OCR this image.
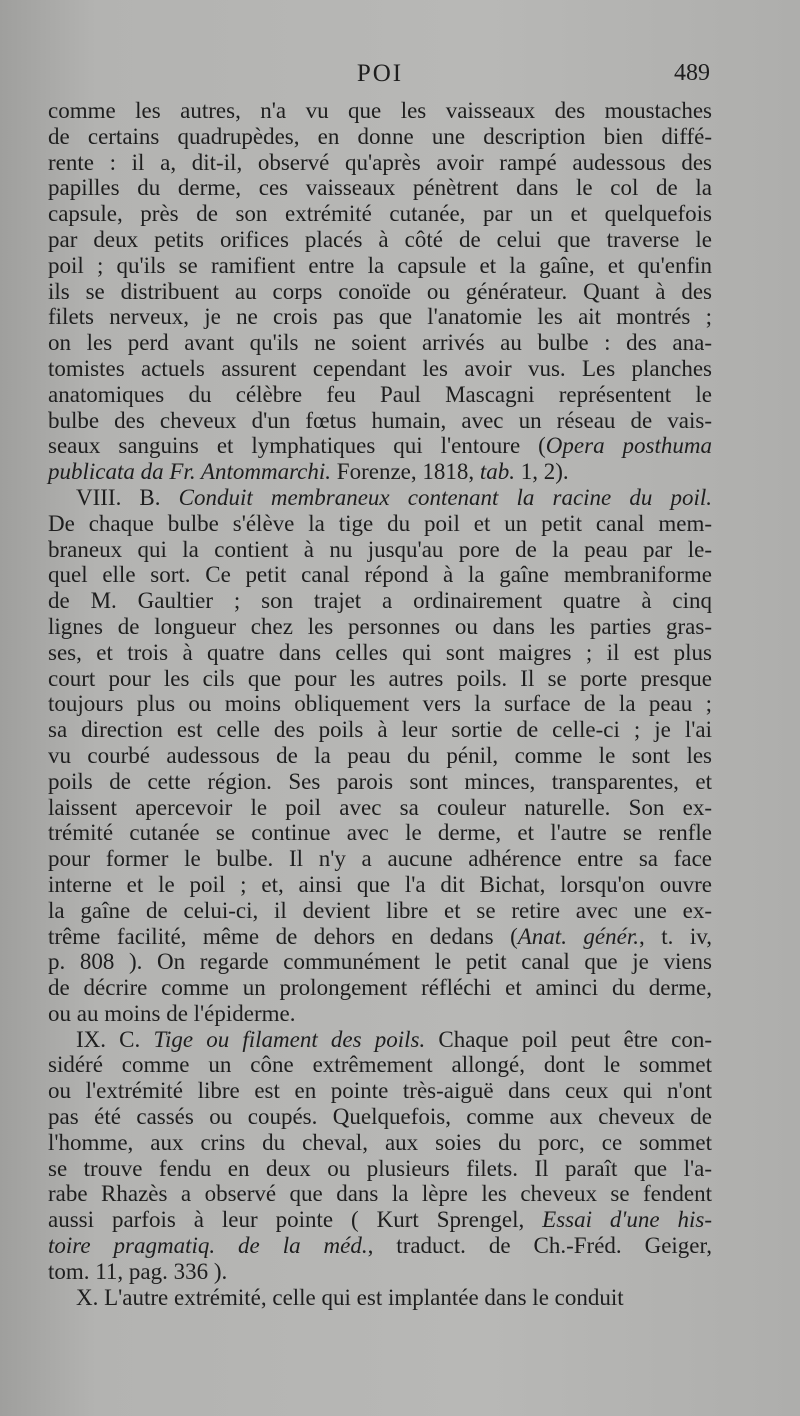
POI	489
comme les autres, n'a vu que les vaisseaux des moustaches
de certains quadrupèdes, en donne une description bien diffé-
rente : il a, dit-il, observé qu'après avoir rampé audessous des
papilles du derme, ces vaisseaux pénètrent dans le col de la
capsule, près de son extrémité cutanée, par un et quelquefois
par deux petits orifices placés à côté de celui que traverse le
poil ; qu'ils se ramifient entre la capsule et la gaîne, et qu'enfin
ils se distribuent au corps conoïde ou générateur. Quant à des
filets nerveux, je ne crois pas que l'anatomie les ait montrés ;
on les perd avant qu'ils ne soient arrivés au bulbe : des ana-
tomistes actuels assurent cependant les avoir vus. Les planches
anatomiques du célèbre feu Paul Mascagni représentent le
bulbe des cheveux d'un fœtus humain, avec un réseau de vais-
seaux sanguins et lymphatiques qui l'entoure (Opera posthuma
publicata da Fr. Antommarchi. Forenze, 1818, tab. 1, 2).
VIII. B. Conduit membraneux contenant la racine du poil.
De chaque bulbe s'élève la tige du poil et un petit canal mem-
braneux qui la contient à nu jusqu'au pore de la peau par le-
quel elle sort. Ce petit canal répond à la gaîne membraniforme
de M. Gaultier ; son trajet a ordinairement quatre à cinq
lignes de longueur chez les personnes ou dans les parties gras-
ses, et trois à quatre dans celles qui sont maigres ; il est plus
court pour les cils que pour les autres poils. Il se porte presque
toujours plus ou moins obliquement vers la surface de la peau ;
sa direction est celle des poils à leur sortie de celle-ci ; je l'ai
vu courbé audessous de la peau du pénil, comme le sont les
poils de cette région. Ses parois sont minces, transparentes, et
laissent apercevoir le poil avec sa couleur naturelle. Son ex-
trémité cutanée se continue avec le derme, et l'autre se renfle
pour former le bulbe. Il n'y a aucune adhérence entre sa face
interne et le poil ; et, ainsi que l'a dit Bichat, lorsqu'on ouvre
la gaîne de celui-ci, il devient libre et se retire avec une ex-
trême facilité, même de dehors en dedans (Anat. génér., t. iv,
p. 808 ). On regarde communément le petit canal que je viens
de décrire comme un prolongement réfléchi et aminci du derme,
ou au moins de l'épiderme.
IX. C. Tige ou filament des poils. Chaque poil peut être con-
sidéré comme un cône extrêmement allongé, dont le sommet
ou l'extrémité libre est en pointe très-aiguë dans ceux qui n'ont
pas été cassés ou coupés. Quelquefois, comme aux cheveux de
l'homme, aux crins du cheval, aux soies du porc, ce sommet
se trouve fendu en deux ou plusieurs filets. Il paraît que l'a-
rabe Rhazès a observé que dans la lèpre les cheveux se fendent
aussi parfois à leur pointe ( Kurt Sprengel, Essai d'une his-
toire pragmatiq. de la méd., traduct. de Ch.-Fréd. Geiger,
tom. 11, pag. 336 ).
X. L'autre extrémité, celle qui est implantée dans le conduit
